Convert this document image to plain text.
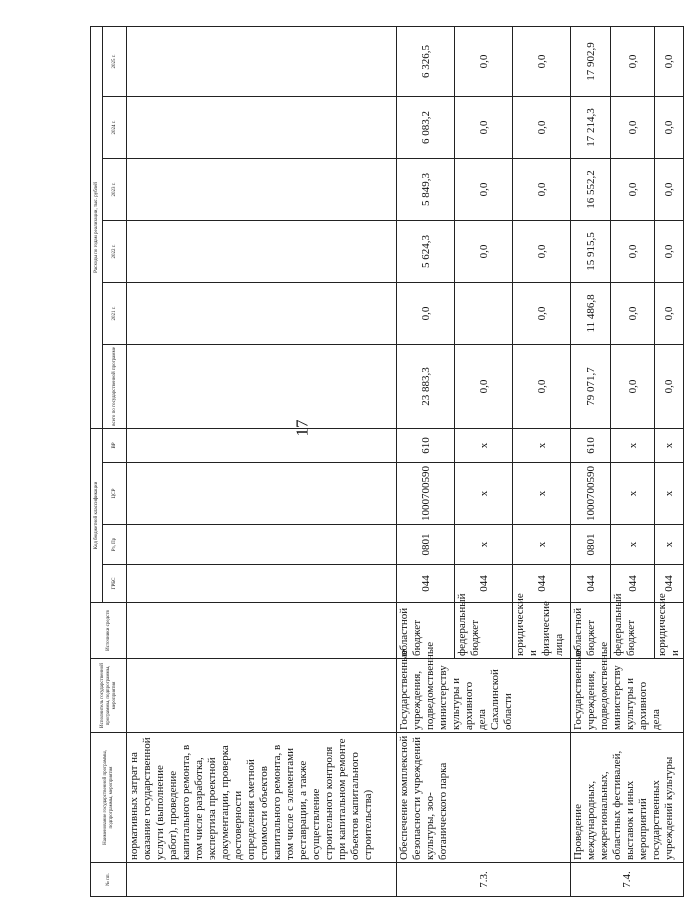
17
№ пп.	Наименование государственной программы, подпрограммы, мероприятия	Исполнитель государственной программы, подпрограммы, мероприятия	Источники средств	Код бюджетной классификации				Расходы по годам реализации, тыс. рублей					
				ГРБС	Рз, Пр	ЦСР	ВР	всего по государственной программе	2021 г.	2022 г.	2023 г.	2024 г.	2025 г.
	нормативных затрат на оказание государственной услуги (выполнение работ), проведение капитального ремонта, в том числе разработка, экспертиза проектной документации, проверка достоверности определения сметной стоимости объектов капитального ремонта, в том числе с элементами реставрации, а также осуществление строительного контроля при капитальном ремонте объектов капитального строительства)												
7.3.	Обеспечение комплексной безопасности учреждений культуры, зоо-ботанического парка	Государственные учреждения, подведомственные министерству культуры и архивного дела Сахалинской области	областной бюджет	044	0801	1000700590	610	23 883,3	0,0	5 624,3	5 849,3	6 083,2	6 326,5
			федеральный бюджет	044	х	х	х	0,0		0,0	0,0	0,0	0,0
			юридические и физические лица	044	х	х	х	0,0	0,0	0,0	0,0	0,0	0,0
7.4.	Проведение международных, межрегиональных, областных фестивалей, выставок и иных мероприятий государственных учреждений культуры	Государственные учреждения, подведомственные министерству культуры и архивного дела	областной бюджет	044	0801	1000700590	610	79 071,7	11 486,8	15 915,5	16 552,2	17 214,3	17 902,9
			федеральный бюджет	044	х	х	х	0,0	0,0	0,0	0,0	0,0	0,0
			юридические и	044	х	х	х	0,0	0,0	0,0	0,0	0,0	0,0
